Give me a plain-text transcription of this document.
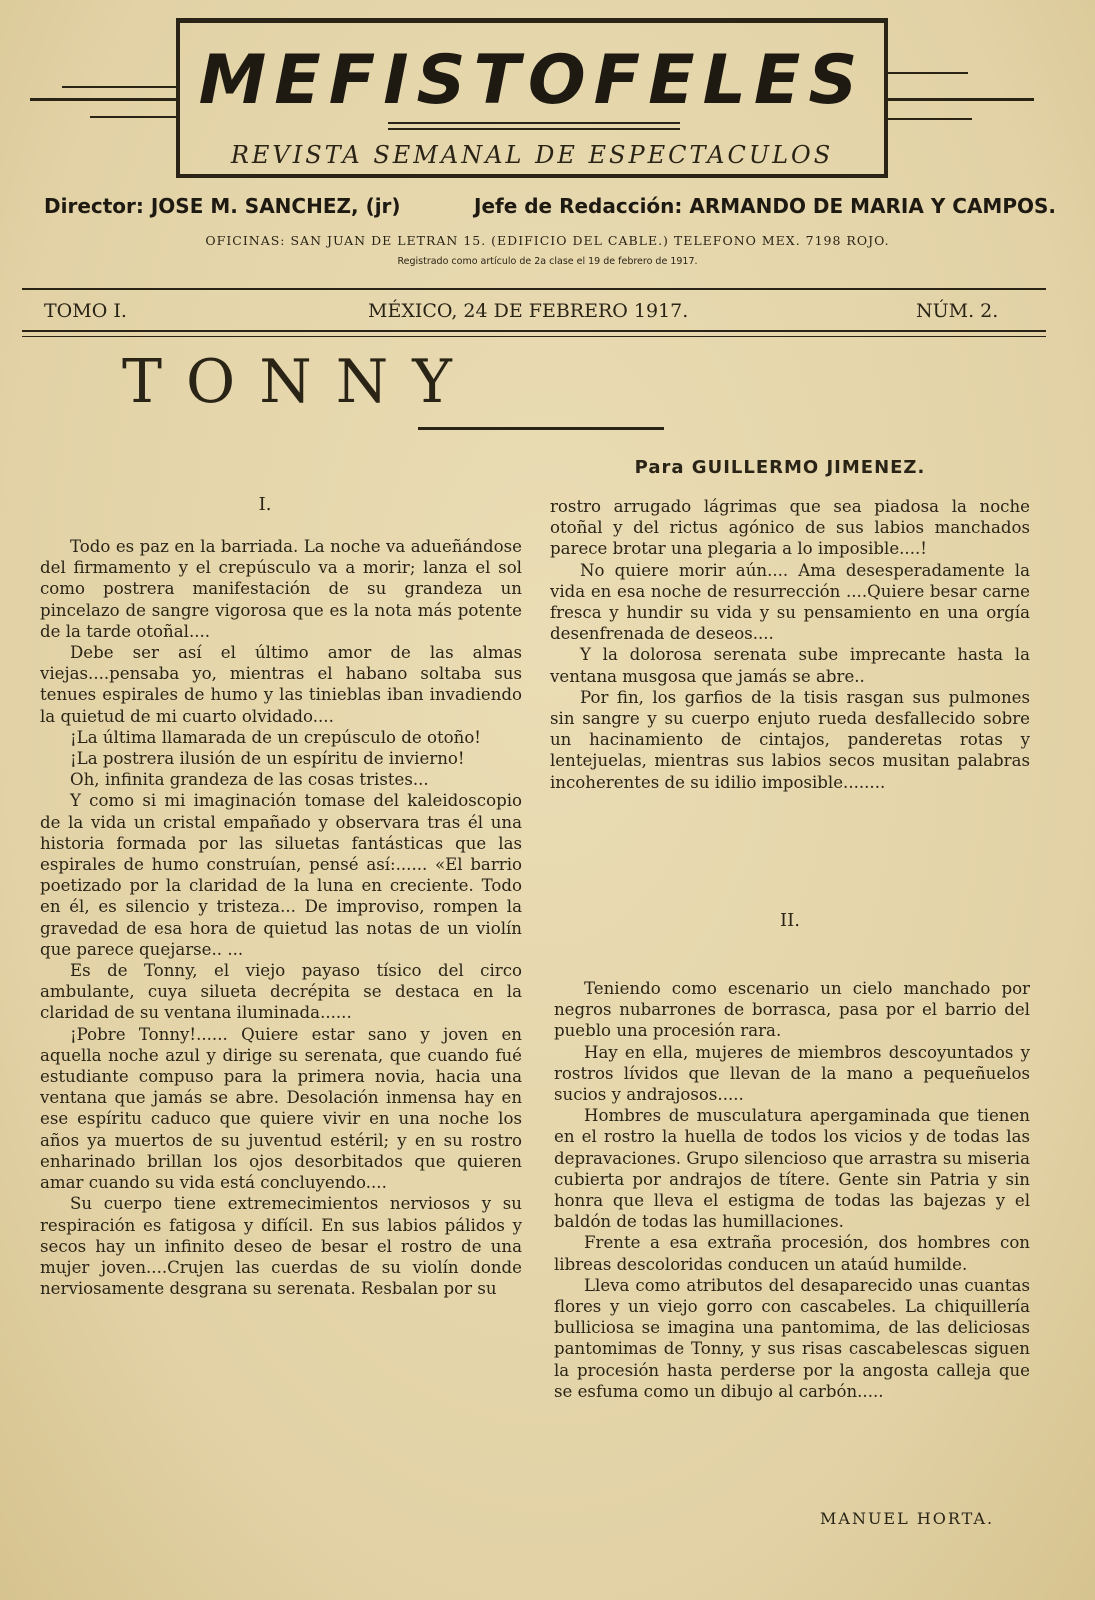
MEFISTOFELES
REVISTA SEMANAL DE ESPECTACULOS
Director: JOSE M. SANCHEZ, (jr)	Jefe de Redacción: ARMANDO DE MARIA Y CAMPOS.
OFICINAS: SAN JUAN DE LETRAN 15. (EDIFICIO DEL CABLE.) TELEFONO MEX. 7198 ROJO.
Registrado como artículo de 2a clase el 19 de febrero de 1917.
TOMO I.	MÉXICO, 24 DE FEBRERO 1917.	NÚM. 2.
TONNY
Para GUILLERMO JIMENEZ.
I.

Todo es paz en la barriada. La noche va adueñándose del firmamento y el crepúsculo va a morir; lanza el sol como postrera manifestación de su grandeza un pincelazo de sangre vigorosa que es la nota más potente de la tarde otoñal....

Debe ser así el último amor de las almas viejas....pensaba yo, mientras el habano soltaba sus tenues espirales de humo y las tinieblas iban invadiendo la quietud de mi cuarto olvidado....

¡La última llamarada de un crepúsculo de otoño!

¡La postrera ilusión de un espíritu de invierno!

Oh, infinita grandeza de las cosas tristes...

Y como si mi imaginación tomase del kaleidoscopio de la vida un cristal empañado y observara tras él una historia formada por las siluetas fantásticas que las espirales de humo construían, pensé así:...... «El barrio poetizado por la claridad de la luna en creciente. Todo en él, es silencio y tristeza... De improviso, rompen la gravedad de esa hora de quietud las notas de un violín que parece quejarse.. ...

Es de Tonny, el viejo payaso tísico del circo ambulante, cuya silueta decrépita se destaca en la claridad de su ventana iluminada......

¡Pobre Tonny!...... Quiere estar sano y joven en aquella noche azul y dirige su serenata, que cuando fué estudiante compuso para la primera novia, hacia una ventana que jamás se abre. Desolación inmensa hay en ese espíritu caduco que quiere vivir en una noche los años ya muertos de su juventud estéril; y en su rostro enharinado brillan los ojos desorbitados que quieren amar cuando su vida está concluyendo....

Su cuerpo tiene extremecimientos nerviosos y su respiración es fatigosa y difícil. En sus labios pálidos y secos hay un infinito deseo de besar el rostro de una mujer joven....Crujen las cuerdas de su violín donde nerviosamente desgrana su serenata. Resbalan por su

rostro arrugado lágrimas que sea piadosa la noche otoñal y del rictus agónico de sus labios manchados parece brotar una plegaria a lo imposible....!

No quiere morir aún.... Ama desesperadamente la vida en esa noche de resurrección ....Quiere besar carne fresca y hundir su vida y su pensamiento en una orgía desenfrenada de deseos....

Y la dolorosa serenata sube imprecante hasta la ventana musgosa que jamás se abre..

Por fin, los garfios de la tisis rasgan sus pulmones sin sangre y su cuerpo enjuto rueda desfallecido sobre un hacinamiento de cintajos, panderetas rotas y lentejuelas, mientras sus labios secos musitan palabras incoherentes de su idilio imposible........

II.

Teniendo como escenario un cielo manchado por negros nubarrones de borrasca, pasa por el barrio del pueblo una procesión rara.

Hay en ella, mujeres de miembros descoyuntados y rostros lívidos que llevan de la mano a pequeñuelos sucios y andrajosos.....

Hombres de musculatura apergaminada que tienen en el rostro la huella de todos los vicios y de todas las depravaciones. Grupo silencioso que arrastra su miseria cubierta por andrajos de títere. Gente sin Patria y sin honra que lleva el estigma de todas las bajezas y el baldón de todas las humillaciones.

Frente a esa extraña procesión, dos hombres con libreas descoloridas conducen un ataúd humilde.

Lleva como atributos del desaparecido unas cuantas flores y un viejo gorro con cascabeles. La chiquillería bulliciosa se imagina una pantomima, de las deliciosas pantomimas de Tonny, y sus risas cascabelescas siguen la procesión hasta perderse por la angosta calleja que se esfuma como un dibujo al carbón.....

MANUEL HORTA.
